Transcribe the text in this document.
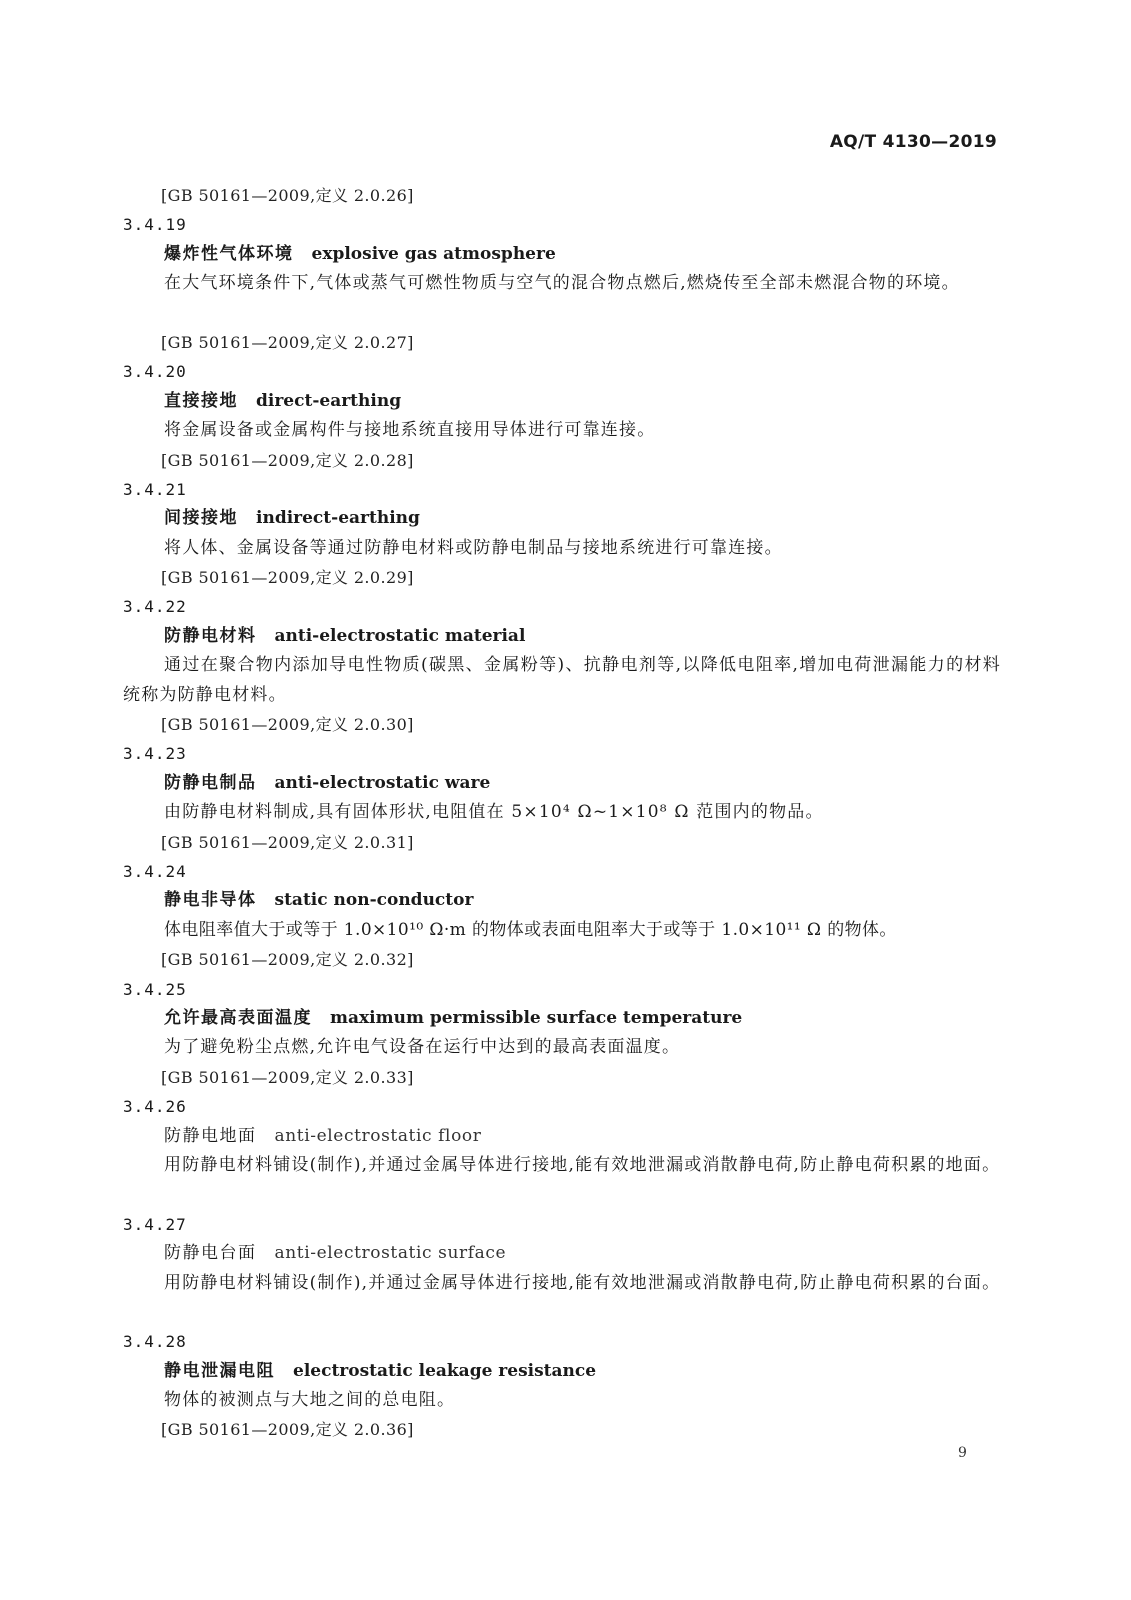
AQ/T 4130—2019
[GB 50161—2009,定义 2.0.26]
3.4.19
爆炸性气体环境 explosive gas atmosphere
在大气环境条件下,气体或蒸气可燃性物质与空气的混合物点燃后,燃烧传至全部未燃混合物的环境。
[GB 50161—2009,定义 2.0.27]
3.4.20
直接接地 direct-earthing
将金属设备或金属构件与接地系统直接用导体进行可靠连接。
[GB 50161—2009,定义 2.0.28]
3.4.21
间接接地 indirect-earthing
将人体、金属设备等通过防静电材料或防静电制品与接地系统进行可靠连接。
[GB 50161—2009,定义 2.0.29]
3.4.22
防静电材料 anti-electrostatic material
通过在聚合物内添加导电性物质(碳黑、金属粉等)、抗静电剂等,以降低电阻率,增加电荷泄漏能力的材料统称为防静电材料。
[GB 50161—2009,定义 2.0.30]
3.4.23
防静电制品 anti-electrostatic ware
由防静电材料制成,具有固体形状,电阻值在 5×10⁴ Ω~1×10⁸ Ω 范围内的物品。
[GB 50161—2009,定义 2.0.31]
3.4.24
静电非导体 static non-conductor
体电阻率值大于或等于 1.0×10¹⁰ Ω·m 的物体或表面电阻率大于或等于 1.0×10¹¹ Ω 的物体。
[GB 50161—2009,定义 2.0.32]
3.4.25
允许最高表面温度 maximum permissible surface temperature
为了避免粉尘点燃,允许电气设备在运行中达到的最高表面温度。
[GB 50161—2009,定义 2.0.33]
3.4.26
防静电地面 anti-electrostatic floor
用防静电材料铺设(制作),并通过金属导体进行接地,能有效地泄漏或消散静电荷,防止静电荷积累的地面。
3.4.27
防静电台面 anti-electrostatic surface
用防静电材料铺设(制作),并通过金属导体进行接地,能有效地泄漏或消散静电荷,防止静电荷积累的台面。
3.4.28
静电泄漏电阻 electrostatic leakage resistance
物体的被测点与大地之间的总电阻。
[GB 50161—2009,定义 2.0.36]
9
